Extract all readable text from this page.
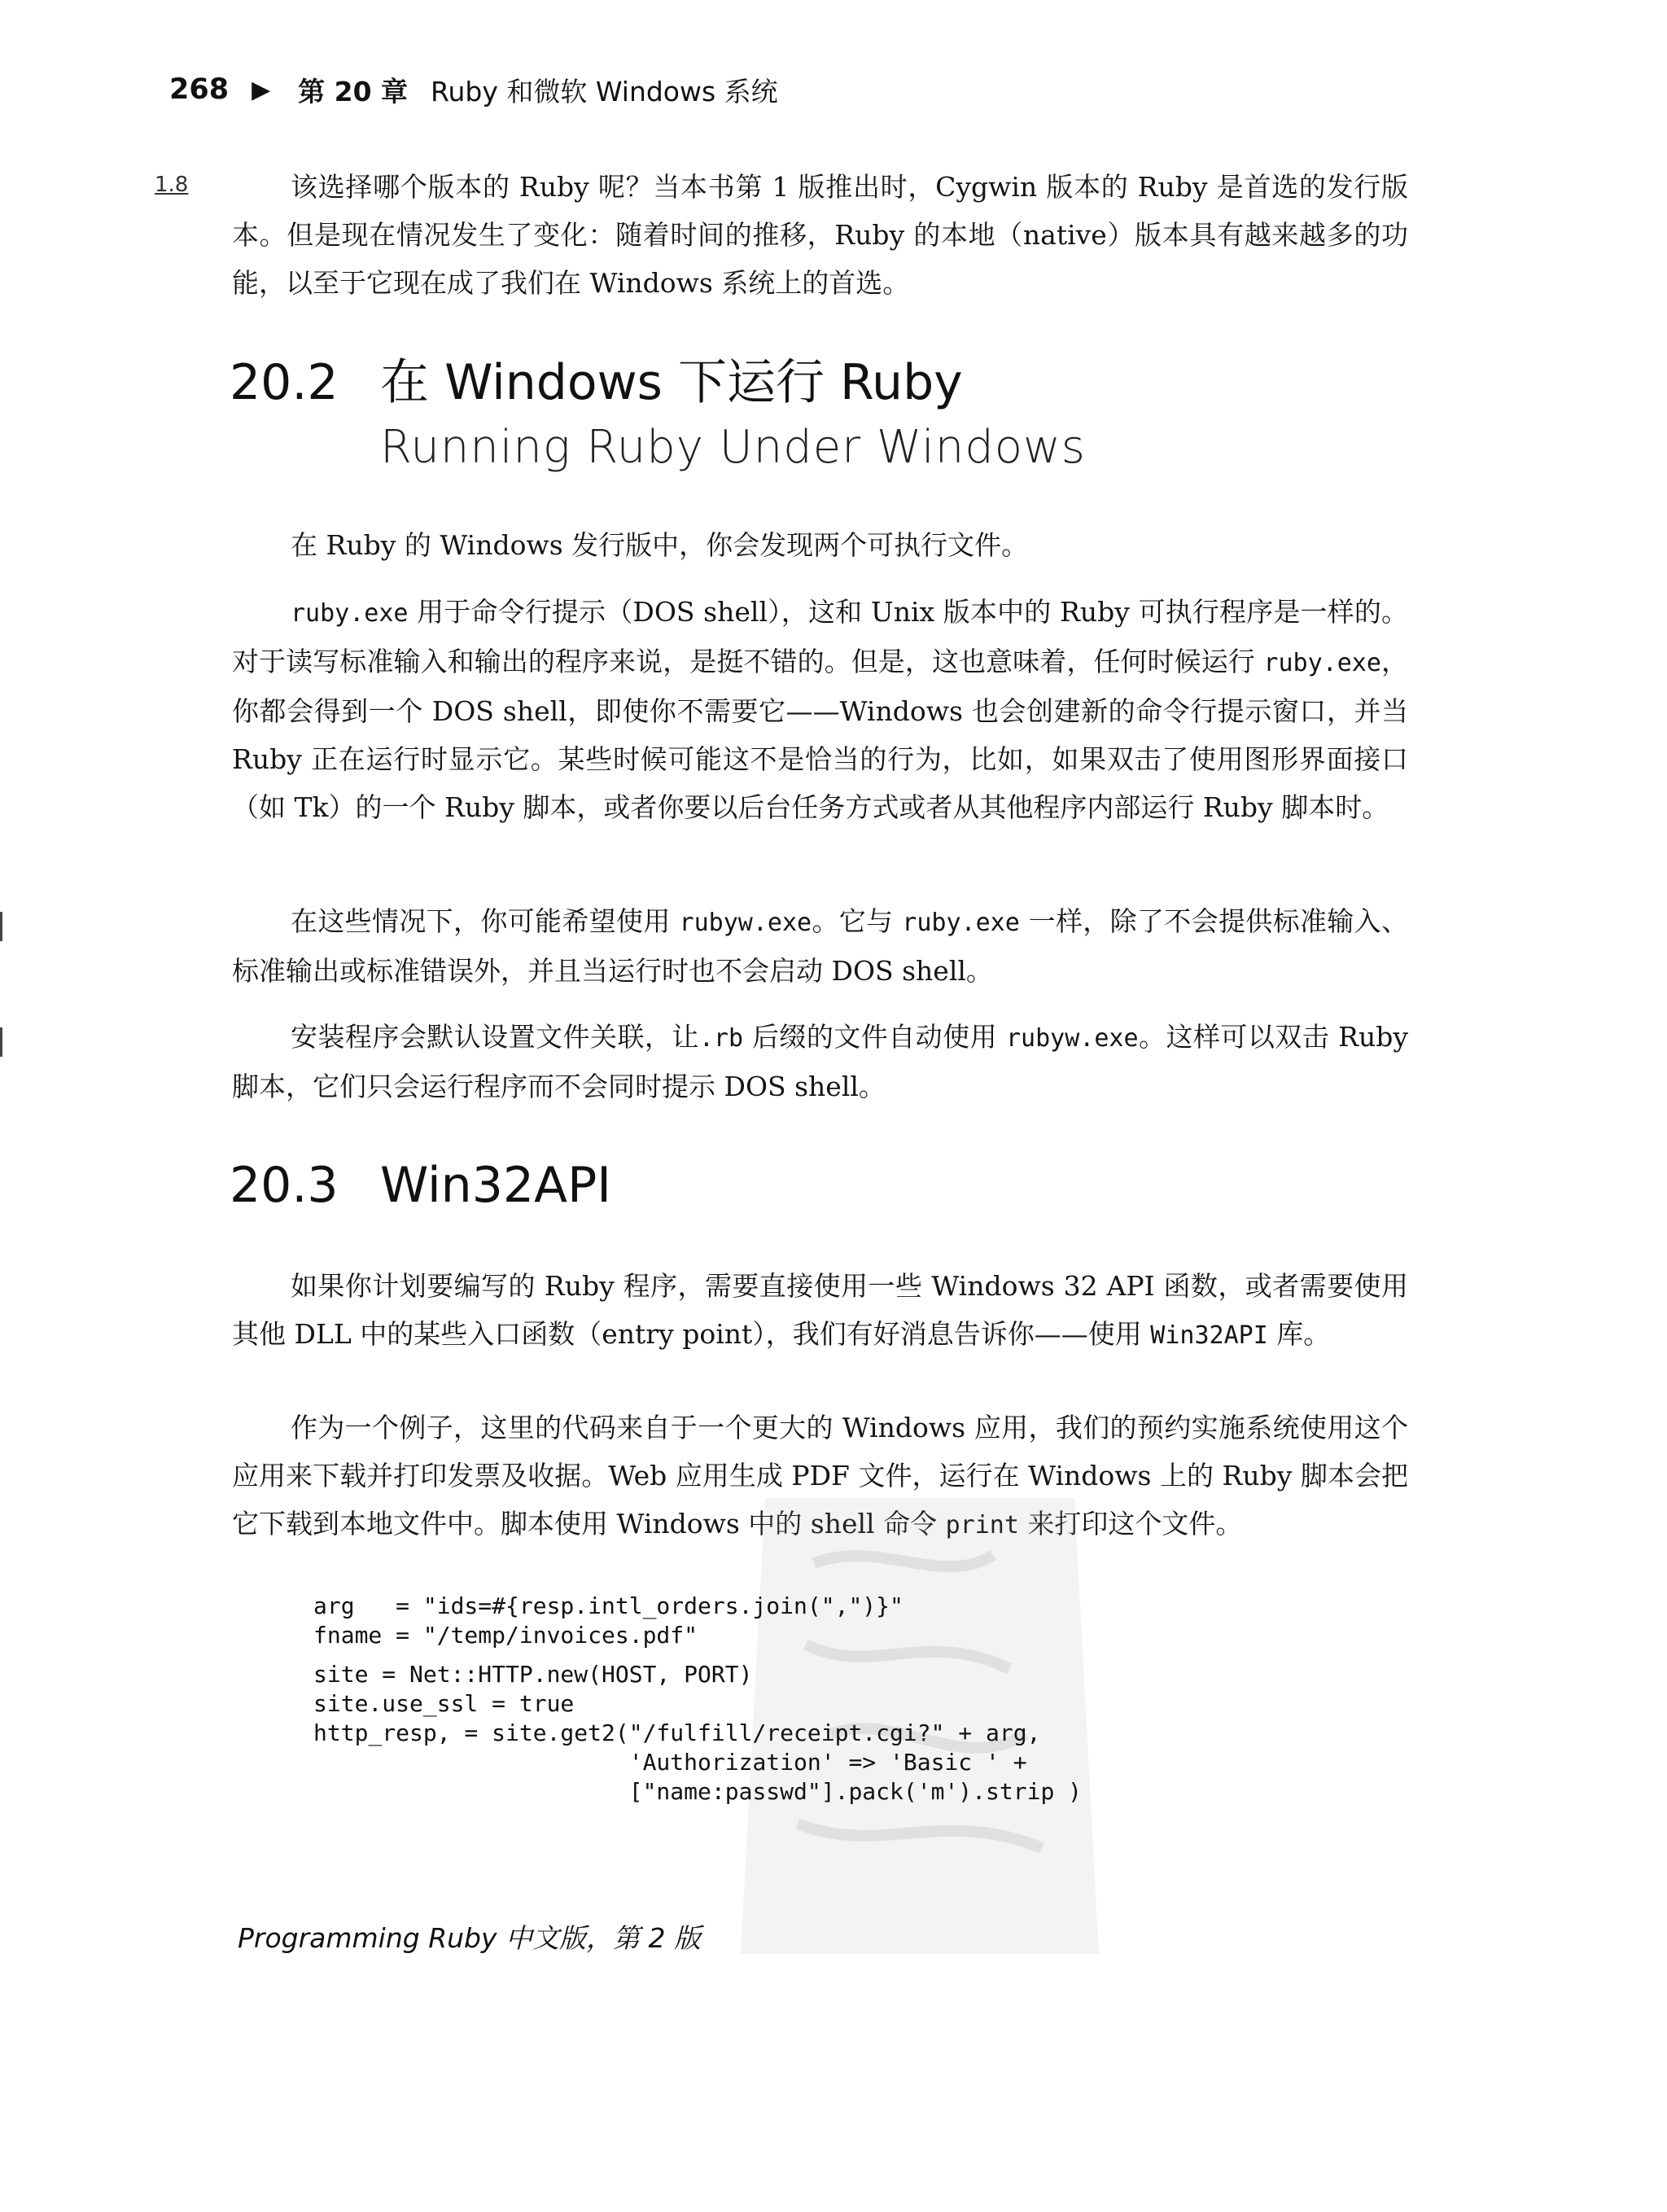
268 ▶ 第 20 章 Ruby 和微软 Windows 系统
1.8	该选择哪个版本的 Ruby 呢？当本书第 1 版推出时，Cygwin 版本的 Ruby 是首选的发行版本。但是现在情况发生了变化：随着时间的推移，Ruby 的本地（native）版本具有越来越多的功能，以至于它现在成了我们在 Windows 系统上的首选。
20.2 在 Windows 下运行 Ruby
Running Ruby Under Windows
在 Ruby 的 Windows 发行版中，你会发现两个可执行文件。
ruby.exe 用于命令行提示（DOS shell），这和 Unix 版本中的 Ruby 可执行程序是一样的。对于读写标准输入和输出的程序来说，是挺不错的。但是，这也意味着，任何时候运行 ruby.exe，你都会得到一个 DOS shell，即使你不需要它——Windows 也会创建新的命令行提示窗口，并当 Ruby 正在运行时显示它。某些时候可能这不是恰当的行为，比如，如果双击了使用图形界面接口（如 Tk）的一个 Ruby 脚本，或者你要以后台任务方式或者从其他程序内部运行 Ruby 脚本时。
在这些情况下，你可能希望使用 rubyw.exe。它与 ruby.exe 一样，除了不会提供标准输入、标准输出或标准错误外，并且当运行时也不会启动 DOS shell。
安装程序会默认设置文件关联，让.rb 后缀的文件自动使用 rubyw.exe。这样可以双击 Ruby 脚本，它们只会运行程序而不会同时提示 DOS shell。
20.3 Win32API
如果你计划要编写的 Ruby 程序，需要直接使用一些 Windows 32 API 函数，或者需要使用其他 DLL 中的某些入口函数（entry point），我们有好消息告诉你——使用 Win32API 库。
作为一个例子，这里的代码来自于一个更大的 Windows 应用，我们的预约实施系统使用这个应用来下载并打印发票及收据。Web 应用生成 PDF 文件，运行在 Windows 上的 Ruby 脚本会把它下载到本地文件中。脚本使用 Windows 中的 shell 命令 print 来打印这个文件。
arg   = "ids=#{resp.intl_orders.join(",")}"
fname = "/temp/invoices.pdf"
site = Net::HTTP.new(HOST, PORT)
site.use_ssl = true
http_resp, = site.get2("/fulfill/receipt.cgi?" + arg,
'Authorization' => 'Basic ' +
["name:passwd"].pack('m').strip )
Programming Ruby 中文版，第 2 版
